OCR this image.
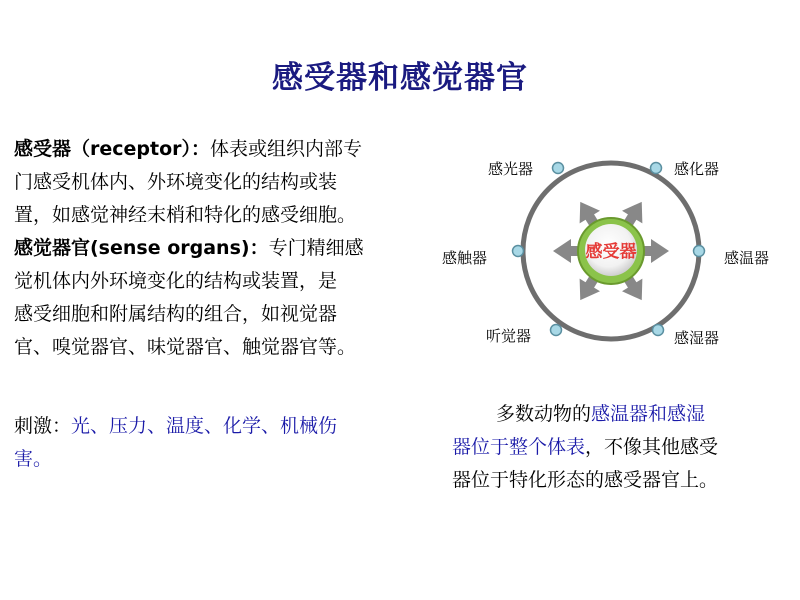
感受器和感觉器官

感受器（receptor）：体表或组织内部专

门感受机体内、外环境变化的结构或装

置，如感觉神经末梢和特化的感受细胞。

感觉器官(sense organs)：专门精细感

觉机体内外环境变化的结构或装置，是

感受细胞和附属结构的组合，如视觉器

官、嗅觉器官、味觉器官、触觉器官等。

刺激：光、压力、温度、化学、机械伤

害。

感受器
感光器	感化器
感温器
感湿器
听觉器
感触器

多数动物的感温器和感湿

器位于整个体表，不像其他感受

器位于特化形态的感受器官上。
